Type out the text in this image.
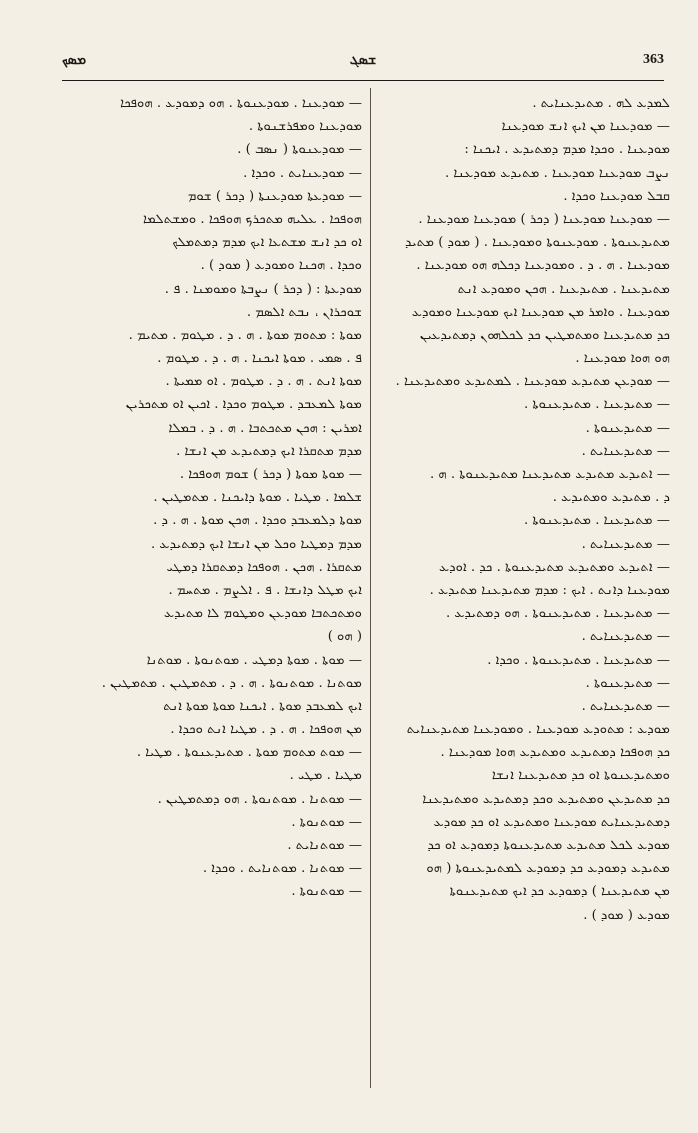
ܡܣܟ	ܫܣܓ	363
— ܡܘܕܥܢܐ . ܡܘܕܥܢܘܬܐ . ܗܘ ܕܡܘܕܥ . ܗܘܦܟܐ
ܡܘܕܥܢܐ ܘܡܦܪܫܢܘܬܐ .
— ܡܘܕܥܢܘܬܐ ( ܢܣܒ ) .
— ܡܘܕܥܢܐܝܬ . ܘܟܕܐ .
— ܡܘܕܥܬܐ ܡܘܕܥܢܬܐ ( ܕܟܪ ) ܫܘܡ
ܗܘܦܟܐ . ܥܠܝܗ ܡܬܟܪܟ ܗܘܦܟܐ . ܘܡܫܬܠܡܐ
ܐܘ ܟܕ ܐܢܫ ܡܫܬܥܐ ܐܝܟ ܡܕܡ ܕܡܬܡܠܟ
ܘܟܕܐ . ܗܟܢܐ ܘܡܘܕܥ ( ܡܘܕ ) .
ܡܘܕܥܬܐ : ( ܕܟܪ ) ܢܨܒܬܐ ܘܡܘܡܢܐ . ܦ .
ܫܘܟܪܐܢ ، ܢܒܬ ܐܠܣܡ .
ܡܘܬܐ : ܡܬܘܡ ܡܘܬܐ . ܗ . ܕ . ܡܛܘܡ . ܡܬܝܡ .
ܦ . ܣܡܝ . ܡܘܬܐ ܐܝܟܢܐ . ܗ . ܕ . ܡܛܘܡ .
ܡܘܬܐ ܐܢܬ . ܗ . ܕ . ܡܛܘܡ . ܐܘ ܡܡܝܬܐ .
ܡܘܬܐ ܠܡܥܒܕ . ܡܛܘܡ ܘܟܕܐ . ܐܟܝܢ ܐܘ ܡܬܟܪܝܢ
ܐܡܪܝܢ : ܗܟܢ ܡܬܟܬܒܐ . ܗ . ܕ . ܒܡܠܐ
ܡܕܡ ܡܬܩܪܐ ܐܝܟ ܕܡܬܝܕܥ ܡܢ ܐܢܫܐ .
— ܡܘܬܐ ܡܘܬܐ ( ܕܟܪ ) ܫܘܡ ܗܘܦܟܐ .
ܫܠܡܐ . ܡܛܝܐ . ܡܘܬܐ ܕܐܝܟܢܐ . ܡܬܡܛܝܢ .
ܡܘܬܐ ܕܠܡܥܒܕ ܘܟܕܐ . ܗܟܢ ܡܘܬܐ . ܗ . ܕ .
ܡܕܡ ܕܡܛܝܐ ܘܟܠ ܡܢ ܐܢܫܐ ܐܝܟ ܕܡܬܝܕܥ .
ܡܬܩܪܐ . ܗܟܢ . ܗܘܦܟܐ ܕܡܬܩܪܐ ܕܡܛܝ
ܐܝܟ ܡܛܠ ܕܐܢܫܐ . ܦ . ܐܠܨܡ . ܡܬܚܡ .
ܘܡܬܟܬܒܐ ܡܘܕܥܢ ܘܡܛܘܡ ܠܐ ܡܬܝܕܥ
( ܗܘ )
— ܡܘܬܐ . ܡܘܬܐ ܕܡܛܝ . ܡܘܬܢܘܬܐ . ܡܘܬܢܐ
ܡܘܬܢܐ . ܡܘܬܢܘܬܐ . ܗ . ܕ . ܡܬܡܛܝܢ . ܡܬܡܛܝܢ .
ܐܝܟ ܠܡܥܒܕ ܡܘܬܐ . ܐܝܟܢܐ ܡܘܬܐ ܡܘܬܐ ܐܢܬ
ܡܢ ܗܘܦܟܐ . ܗ . ܕ . ܡܛܝܐ ܐܢܬ ܘܟܕܐ .
— ܡܘܬ ܡܬܘܡ ܡܘܬܐ . ܡܬܝܕܥܢܘܬܐ . ܡܛܝܐ .
ܡܛܝܐ . ܡܛܝ .
— ܡܘܬܢܐ . ܡܘܬܢܘܬܐ . ܗܘ ܕܡܬܡܛܝܢ .
— ܡܘܬܢܘܬܐ .
— ܡܘܬܢܐܝܬ .
— ܡܘܬܢܐ . ܡܘܬܢܐܝܬ . ܘܟܕܐ .
— ܡܘܬܢܘܬܐ .
ܠܡܕܥ ܠܗ . ܡܬܝܕܥܢܐܝܬ .
— ܡܘܕܥܢܐ ܡܢ ܐܝܟ ܐܢܫ ܡܘܕܥܢܐ
ܡܘܕܥܢܐ . ܘܟܕܐ ܡܕܡ ܕܡܬܝܕܥ . ܐܝܟܢܐ :
ܢܨܒ ܡܘܕܥܢܐ ܡܘܕܥܢܐ . ܡܬܝܕܥ ܡܘܕܥܢܐ .
ܩܒܠ ܡܘܕܥܢܐ ܘܟܕܐ .
— ܡܘܕܥܢܐ ܡܘܕܥܢܐ ( ܕܟܪ ) ܡܘܕܥܢܐ ܡܘܕܥܢܐ .
ܡܬܝܕܥܢܘܬܐ . ܡܘܕܥܢܘܬܐ ܘܡܘܕܥܢܐ . ( ܡܘܕ ) ܡܬܝܕ
ܡܘܕܥܢܐ . ܗ . ܕ . ܘܡܘܕܥܢܐ ܕܟܠܗ ܗܘ ܡܘܕܥܢܐ .
ܡܬܝܕܥܢܐ . ܡܬܝܕܥܢܐ . ܗܟܢ ܘܡܘܕܥ ܐܢܬ
ܡܘܕܥܢܐ . ܘܐܡܪ ܡܢ ܡܘܕܥܢܐ ܐܝܟ ܡܘܕܥܢܐ ܘܡܘܕܥ
ܟܕ ܡܬܝܕܥܢܐ ܘܡܬܡܛܝܢ ܟܕ ܠܟܠܗܘܢ ܕܡܬܝܕܥܝܢ
ܗܘ ܗܘܐ ܡܘܕܥܢܐ .
— ܡܘܕܥܢ ܡܬܝܕܥ ܡܘܕܥܢܐ . ܠܡܬܝܕܥ ܘܡܬܝܕܥܢܐ .
— ܡܬܝܕܥܢܐ . ܡܬܝܕܥܢܘܬܐ .
— ܡܬܝܕܥܢܘܬܐ .
— ܡܬܝܕܥܢܐܝܬ .
— ܐܬܝܕܥ ܡܬܝܕܥ ܡܬܝܕܥܢܐ ܡܬܝܕܥܢܘܬܐ . ܗ .
ܕ . ܡܬܝܕܥ ܘܡܬܝܕܥ .
— ܡܬܝܕܥܢܐ . ܡܬܝܕܥܢܘܬܐ .
— ܡܬܝܕܥܢܐܝܬ .
— ܐܬܝܕܥ ܘܡܬܝܕܥ ܡܬܝܕܥܢܘܬܐ . ܟܕ . ܐܘܕܥ
ܡܘܕܥܢܐ ܕܐܢܬ . ܐܝܟ : ܡܕܡ ܡܬܝܕܥܢܐ ܡܬܝܕܥ .
— ܡܬܝܕܥܢܐ . ܡܬܝܕܥܢܘܬܐ . ܗܘ ܕܡܬܝܕܥ .
— ܡܬܝܕܥܢܐܝܬ .
— ܡܬܝܕܥܢܐ . ܡܬܝܕܥܢܘܬܐ . ܘܟܕܐ .
— ܡܬܝܕܥܢܘܬܐ .
— ܡܬܝܕܥܢܐܝܬ .
ܡܘܕܥ : ܡܬܘܕܥ ܡܘܕܥܢܐ . ܘܡܘܕܥܢܐ ܡܬܝܕܥܢܐܝܬ
ܟܕ ܗܘܦܟܐ ܕܡܬܝܕܥ ܘܡܬܝܕܥ ܗܘܐ ܡܘܕܥܢܐ .
ܘܡܬܝܕܥܢܘܬܐ ܐܘ ܟܕ ܡܬܝܕܥܢܐ ܐܢܫܐ
ܟܕ ܡܬܝܕܥܢ ܘܡܬܝܕܥ ܘܟܕ ܕܡܬܝܕܥ ܘܡܬܝܕܥܢܐ
ܕܡܬܝܕܥܢܐܝܬ ܡܘܕܥܢܐ ܘܡܬܝܕܥ ܐܘ ܟܕ ܡܘܕܥ
ܡܘܕܥ ܠܟܠ ܡܬܝܕܥ ܡܬܝܕܥܢܘܬܐ ܕܡܘܕܥ ܐܘ ܟܕ
ܡܬܝܕܥ ܕܡܘܕܥ ܟܕ ܕܡܘܕܥ ܠܡܬܝܕܥܢܘܬܐ ( ܗܘ
ܡܢ ܡܬܝܕܥܢܐ ) ܕܡܘܕܥ ܟܕ ܐܝܟ ܡܬܝܕܥܢܘܬܐ
ܡܘܕܥ ( ܡܘܕ ) .
